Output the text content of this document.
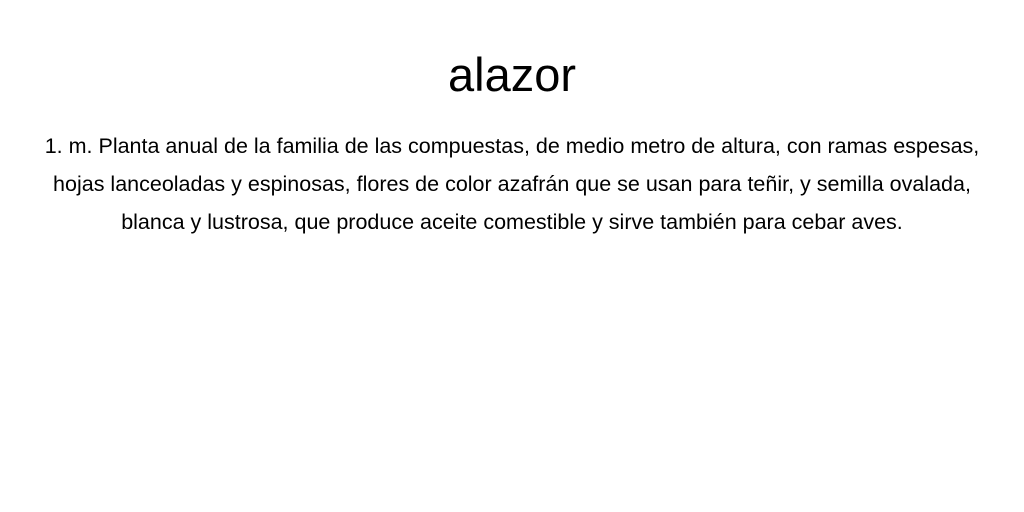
alazor

1. m. Planta anual de la familia de las compuestas, de medio metro de altura, con ramas espesas, hojas lanceoladas y espinosas, flores de color azafrán que se usan para teñir, y semilla ovalada, blanca y lustrosa, que produce aceite comestible y sirve también para cebar aves.
